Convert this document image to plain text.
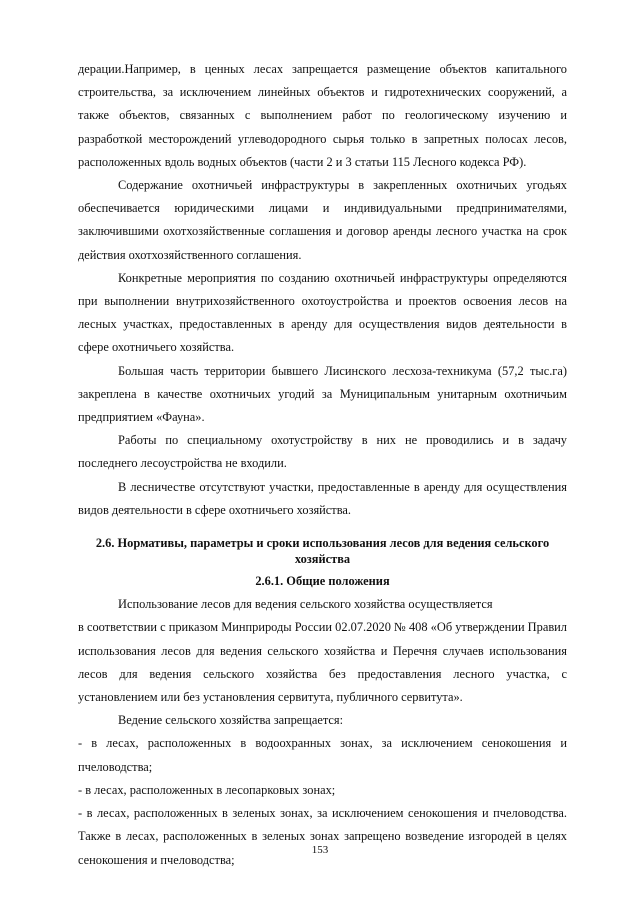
дерации.Например, в ценных лесах запрещается размещение объектов капитального строительства, за исключением линейных объектов и гидротехнических сооружений, а также объектов, связанных с выполнением работ по геологическому изучению и разработкой месторождений углеводородного сырья только в запретных полосах лесов, расположенных вдоль водных объектов (части 2 и 3 статьи 115 Лесного кодекса РФ).

Содержание охотничьей инфраструктуры в закрепленных охотничьих угодьях обеспечивается юридическими лицами и индивидуальными предпринимателями, заключившими охотхозяйственные соглашения и договор аренды лесного участка на срок действия охотхозяйственного соглашения.

Конкретные мероприятия по созданию охотничьей инфраструктуры определяются при выполнении внутрихозяйственного охотоустройства и проектов освоения лесов на лесных участках, предоставленных в аренду для осуществления видов деятельности в сфере охотничьего хозяйства.

Большая часть территории бывшего Лисинского лесхоза-техникума (57,2 тыс.га) закреплена в качестве охотничьих угодий за Муниципальным унитарным охотничьим предприятием «Фауна».

Работы по специальному охотустройству в них не проводились и в задачу последнего лесоустройства не входили.

В лесничестве отсутствуют участки, предоставленные в аренду для осуществления видов деятельности в сфере охотничьего хозяйства.

2.6. Нормативы, параметры и сроки использования лесов для ведения сельского хозяйства
2.6.1. Общие положения

Использование лесов для ведения сельского хозяйства осуществляется

в соответствии с приказом Минприроды России 02.07.2020 № 408 «Об утверждении Правил использования лесов для ведения сельского хозяйства и Перечня случаев использования лесов для ведения сельского хозяйства без предоставления лесного участка, с установлением или без установления сервитута, публичного сервитута».

Ведение сельского хозяйства запрещается:

- в лесах, расположенных в водоохранных зонах, за исключением сенокошения и пчеловодства;

- в лесах, расположенных в лесопарковых зонах;

- в лесах, расположенных в зеленых зонах, за исключением сенокошения и пчеловодства. Также в лесах, расположенных в зеленых зонах запрещено возведение изгородей в целях сенокошения и пчеловодства;

153
